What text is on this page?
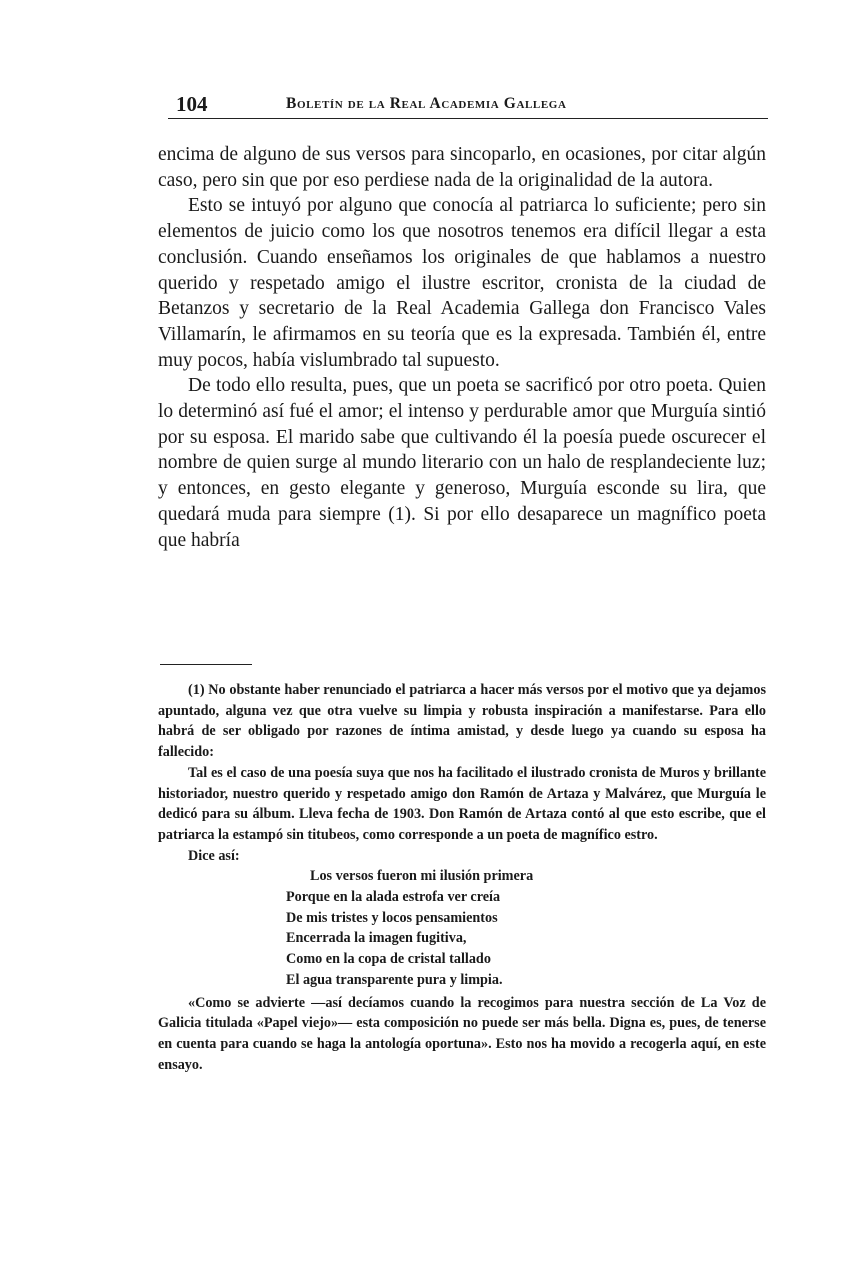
104	Boletín de la Real Academia Gallega

encima de alguno de sus versos para sincoparlo, en ocasiones, por citar algún caso, pero sin que por eso perdiese nada de la originalidad de la autora.

Esto se intuyó por alguno que conocía al patriarca lo suficiente; pero sin elementos de juicio como los que nosotros tenemos era difícil llegar a esta conclusión. Cuando enseñamos los originales de que hablamos a nuestro querido y respetado amigo el ilustre escritor, cronista de la ciudad de Betanzos y secretario de la Real Academia Gallega don Francisco Vales Villamarín, le afirmamos en su teoría que es la expresada. También él, entre muy pocos, había vislumbrado tal supuesto.

De todo ello resulta, pues, que un poeta se sacrificó por otro poeta. Quien lo determinó así fué el amor; el intenso y perdurable amor que Murguía sintió por su esposa. El marido sabe que cultivando él la poesía puede oscurecer el nombre de quien surge al mundo literario con un halo de resplandeciente luz; y entonces, en gesto elegante y generoso, Murguía esconde su lira, que quedará muda para siempre (1). Si por ello desaparece un magnífico poeta que habría

(1) No obstante haber renunciado el patriarca a hacer más versos por el motivo que ya dejamos apuntado, alguna vez que otra vuelve su limpia y robusta inspiración a manifestarse. Para ello habrá de ser obligado por razones de íntima amistad, y desde luego ya cuando su esposa ha fallecido:

Tal es el caso de una poesía suya que nos ha facilitado el ilustrado cronista de Muros y brillante historiador, nuestro querido y respetado amigo don Ramón de Artaza y Malvárez, que Murguía le dedicó para su álbum. Lleva fecha de 1903. Don Ramón de Artaza contó al que esto escribe, que el patriarca la estampó sin titubeos, como corresponde a un poeta de magnífico estro.

Dice así:

Los versos fueron mi ilusión primera
Porque en la alada estrofa ver creía
De mis tristes y locos pensamientos
Encerrada la imagen fugitiva,
Como en la copa de cristal tallado
El agua transparente pura y limpia.

«Como se advierte —así decíamos cuando la recogimos para nuestra sección de La Voz de Galicia titulada «Papel viejo»— esta composición no puede ser más bella. Digna es, pues, de tenerse en cuenta para cuando se haga la antología oportuna». Esto nos ha movido a recogerla aquí, en este ensayo.
